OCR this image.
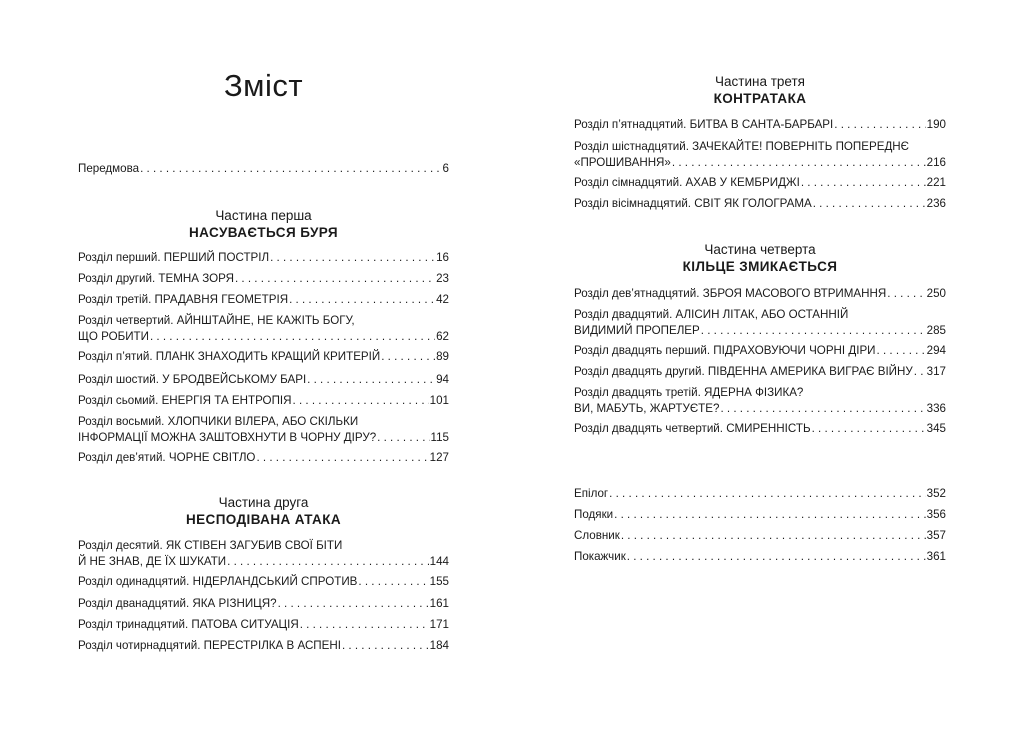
Зміст
Передмова . . .	6
Частина перша
НАСУВАЄТЬСЯ БУРЯ
Розділ перший. ПЕРШИЙ ПОСТРІЛ . . .	16
Розділ другий. ТЕМНА ЗОРЯ . . .	23
Розділ третій. ПРАДАВНЯ ГЕОМЕТРІЯ . . .	42
Розділ четвертий. АЙНШТАЙНЕ, НЕ КАЖІТЬ БОГУ,
ЩО РОБИТИ . . .	62
Розділ п’ятий. ПЛАНК ЗНАХОДИТЬ КРАЩИЙ КРИТЕРІЙ . . .	89
Розділ шостий. У БРОДВЕЙСЬКОМУ БАРІ . . .	94
Розділ сьомий. ЕНЕРГІЯ ТА ЕНТРОПІЯ . . .	101
Розділ восьмий. ХЛОПЧИКИ ВІЛЕРА, АБО СКІЛЬКИ
ІНФОРМАЦІЇ МОЖНА ЗАШТОВХНУТИ В ЧОРНУ ДІРУ? . . .	115
Розділ дев’ятий. ЧОРНЕ СВІТЛО . . .	127
Частина друга
НЕСПОДІВАНА АТАКА
Розділ десятий. ЯК СТІВЕН ЗАГУБИВ СВОЇ БІТИ
Й НЕ ЗНАВ, ДЕ ЇХ ШУКАТИ . . .	144
Розділ одинадцятий. НІДЕРЛАНДСЬКИЙ СПРОТИВ . . .	155
Розділ дванадцятий. ЯКА РІЗНИЦЯ? . . .	161
Розділ тринадцятий. ПАТОВА СИТУАЦІЯ . . .	171
Розділ чотирнадцятий. ПЕРЕСТРІЛКА В АСПЕНІ . . .	184
Частина третя
КОНТРАТАКА
Розділ п’ятнадцятий. БИТВА В САНТА-БАРБАРІ . . .	190
Розділ шістнадцятий. ЗАЧЕКАЙТЕ! ПОВЕРНІТЬ ПОПЕРЕДНЄ
«ПРОШИВАННЯ» . . .	216
Розділ сімнадцятий. АХАВ У КЕМБРИДЖІ . . .	221
Розділ вісімнадцятий. СВІТ ЯК ГОЛОГРАМА . . .	236
Частина четверта
КІЛЬЦЕ ЗМИКАЄТЬСЯ
Розділ дев’ятнадцятий. ЗБРОЯ МАСОВОГО ВТРИМАННЯ . . .	250
Розділ двадцятий. АЛІСИН ЛІТАК, АБО ОСТАННІЙ
ВИДИМИЙ ПРОПЕЛЕР . . .	285
Розділ двадцять перший. ПІДРАХОВУЮЧИ ЧОРНІ ДІРИ . . .	294
Розділ двадцять другий. ПІВДЕННА АМЕРИКА ВИГРАЄ ВІЙНУ . . . 317
Розділ двадцять третій. ЯДЕРНА ФІЗИКА?
ВИ, МАБУТЬ, ЖАРТУЄТЕ? . . .	336
Розділ двадцять четвертий. СМИРЕННІСТЬ . . .	345
Епілог . . .	352
Подяки . . .	356
Словник . . .	357
Покажчик . . .	361
